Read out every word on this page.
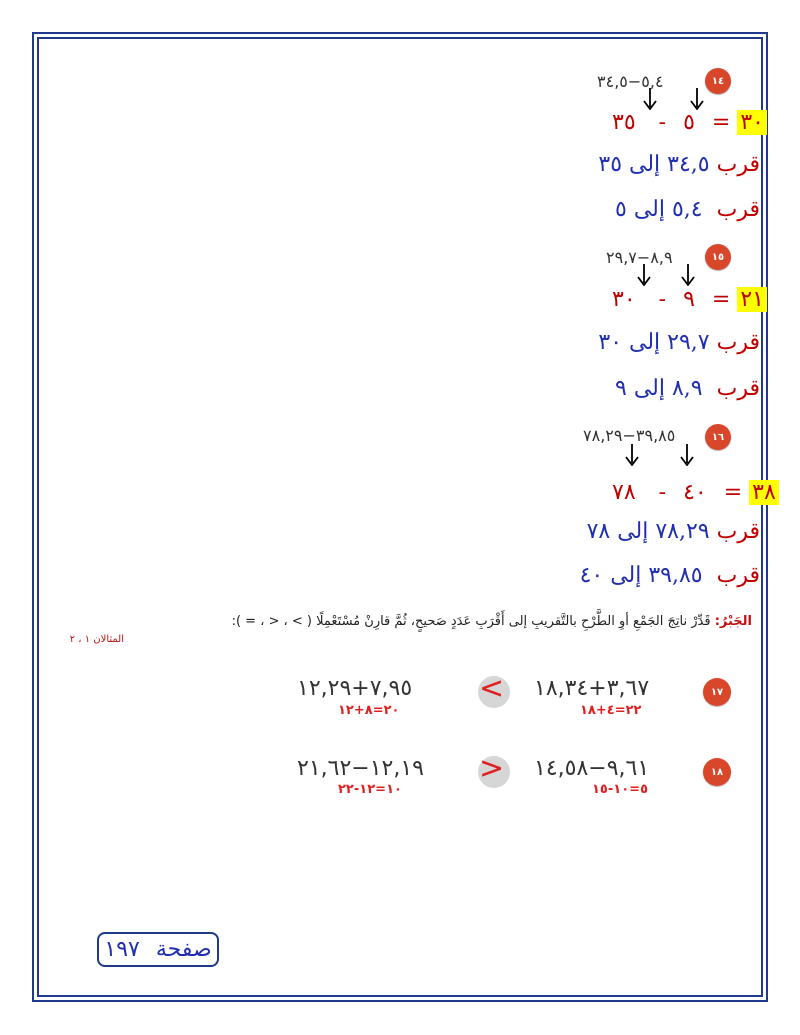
١٤
٥,٤−٣٤,٥
٣٠ = ٥ - ٣٥
قرب ٣٤,٥ إلى ٣٥
قرب  ٥,٤ إلى ٥
١٥
٨,٩−٢٩,٧
٢١ = ٩ - ٣٠
قرب ٢٩,٧ إلى ٣٠
قرب  ٨,٩ إلى ٩
١٦
٣٩,٨٥−٧٨,٢٩
٣٨ = ٤٠ - ٧٨
قرب ٧٨,٢٩ إلى ٧٨
قرب  ٣٩,٨٥ إلى ٤٠
الجَبْرُ: قَدِّرْ ناتِجَ الجَمْعِ أوِ الطَّرْحِ بالتَّقريبِ إلى أَقْرَبِ عَدَدٍ صَحيحٍ، ثُمَّ قارِنْ مُسْتَعْمِلًا ( > ، < ، = ):
المثالان ١ ، ٢
١٧
٣,٦٧+١٨,٣٤
٢٢=٤+١٨
<
٧,٩٥+١٢,٢٩
٢٠=٨+١٢
١٨
٩,٦١−١٤,٥٨
٥=١٠-١٥
>
١٢,١٩−٢١,٦٢
١٠=١٢-٢٢
صفحة
١٩٧
